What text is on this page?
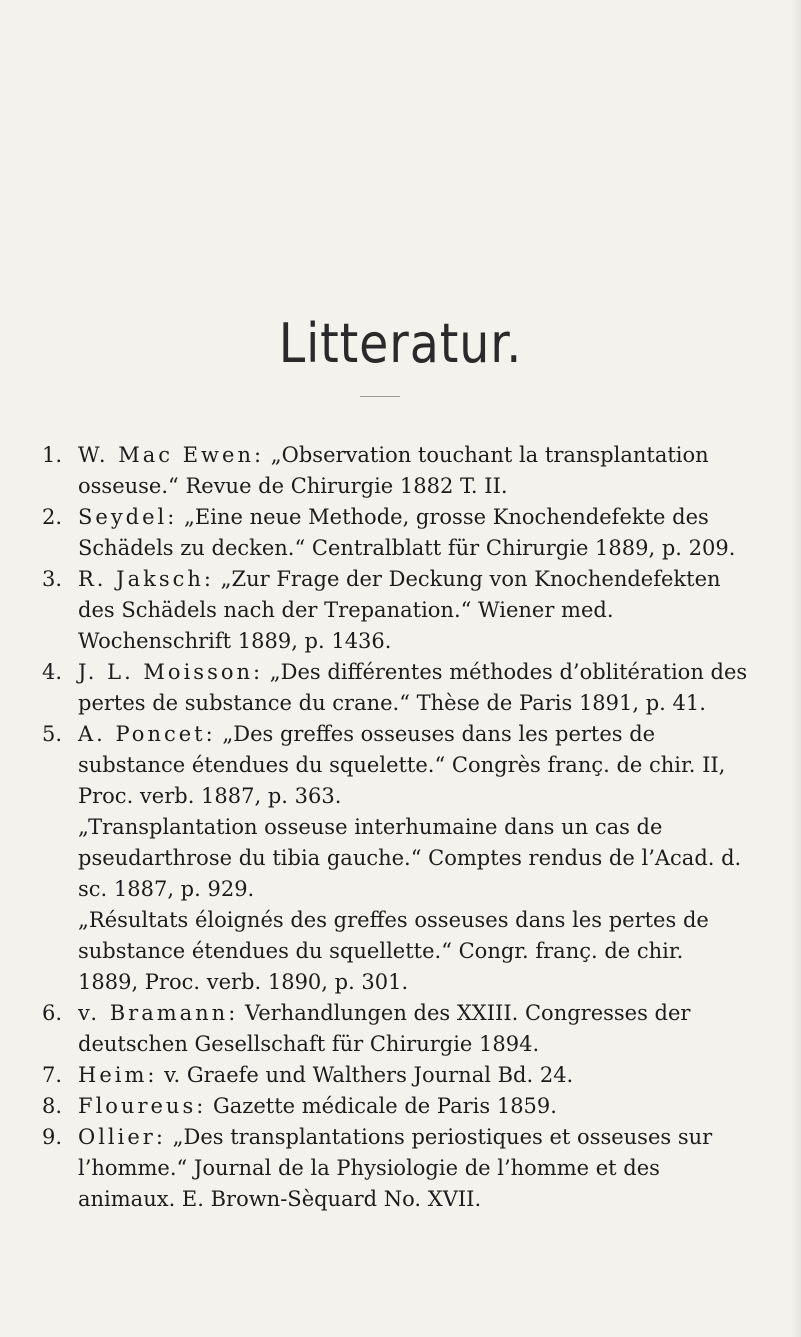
Litteratur.
1. W. Mac Ewen: „Observation touchant la transplantation osseuse.“ Revue de Chirurgie 1882 T. II.
2. Seydel: „Eine neue Methode, grosse Knochendefekte des Schädels zu decken.“ Centralblatt für Chirurgie 1889, p. 209.
3. R. Jaksch: „Zur Frage der Deckung von Knochendefekten des Schädels nach der Trepanation.“ Wiener med. Wochenschrift 1889, p. 1436.
4. J. L. Moisson: „Des différentes méthodes d’oblitération des pertes de substance du crane.“ Thèse de Paris 1891, p. 41.
5. A. Poncet: „Des greffes osseuses dans les pertes de substance étendues du squelette.“ Congrès franç. de chir. II, Proc. verb. 1887, p. 363.
„Transplantation osseuse interhumaine dans un cas de pseudarthrose du tibia gauche.“ Comptes rendus de l’Acad. d. sc. 1887, p. 929.
„Résultats éloignés des greffes osseuses dans les pertes de substance étendues du squellette.“ Congr. franç. de chir. 1889, Proc. verb. 1890, p. 301.
6. v. Bramann: Verhandlungen des XXIII. Congresses der deutschen Gesellschaft für Chirurgie 1894.
7. Heim: v. Graefe und Walthers Journal Bd. 24.
8. Floureus: Gazette médicale de Paris 1859.
9. Ollier: „Des transplantations periostiques et osseuses sur l’homme.“ Journal de la Physiologie de l’homme et des animaux. E. Brown-Sèquard No. XVII.
